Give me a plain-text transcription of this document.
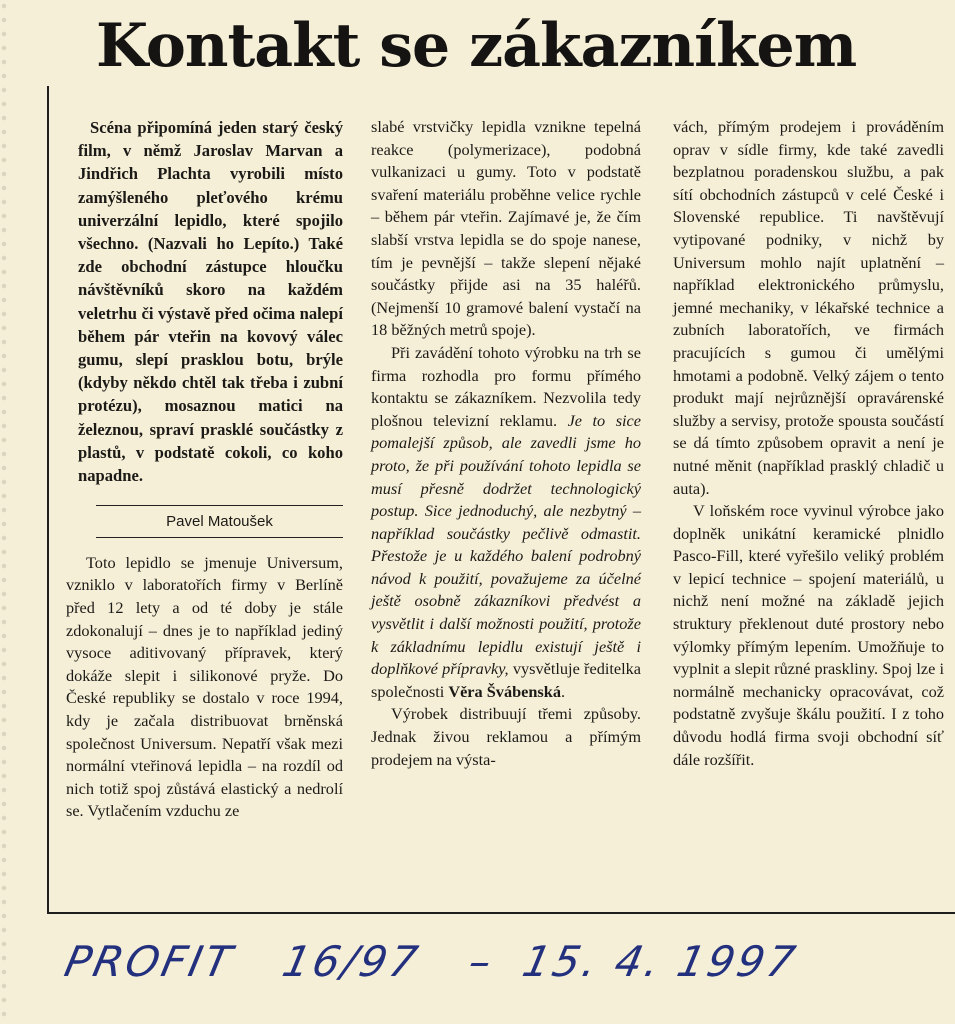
Kontakt se zákazníkem

Scéna připomíná jeden starý český film, v němž Jaroslav Marvan a Jindřich Plachta vyrobili místo zamýšleného pleťového krému univerzální lepidlo, které spojilo všechno. (Nazvali ho Lepíto.) Také zde obchodní zástupce hloučku návštěvníků skoro na každém veletrhu či výstavě před očima nalepí během pár vteřin na kovový válec gumu, slepí prasklou botu, brýle (kdyby někdo chtěl tak třeba i zubní protézu), mosaznou matici na železnou, spraví prasklé součástky z plastů, v podstatě cokoli, co koho napadne.

Pavel Matoušek

Toto lepidlo se jmenuje Universum, vzniklo v laboratořích firmy v Berlíně před 12 lety a od té doby je stále zdokonalují – dnes je to například jediný vysoce aditivovaný přípravek, který dokáže slepit i silikonové pryže. Do České republiky se dostalo v roce 1994, kdy je začala distribuovat brněnská společnost Universum. Nepatří však mezi normální vteřinová lepidla – na rozdíl od nich totiž spoj zůstává elastický a nedrolí se. Vytlačením vzduchu ze

slabé vrstvičky lepidla vznikne tepelná reakce (polymerizace), podobná vulkanizaci u gumy. Toto v podstatě svaření materiálu proběhne velice rychle – během pár vteřin. Zajímavé je, že čím slabší vrstva lepidla se do spoje nanese, tím je pevnější – takže slepení nějaké součástky přijde asi na 35 haléřů. (Nejmenší 10 gramové balení vystačí na 18 běžných metrů spoje).

Při zavádění tohoto výrobku na trh se firma rozhodla pro formu přímého kontaktu se zákazníkem. Nezvolila tedy plošnou televizní reklamu. Je to sice pomalejší způsob, ale zavedli jsme ho proto, že při používání tohoto lepidla se musí přesně dodržet technologický postup. Sice jednoduchý, ale nezbytný – například součástky pečlivě odmastit. Přestože je u každého balení podrobný návod k použití, považujeme za účelné ještě osobně zákazníkovi předvést a vysvětlit i další možnosti použití, protože k základnímu lepidlu existují ještě i doplňkové přípravky, vysvětluje ředitelka společnosti Věra Švábenská.

Výrobek distribuují třemi způsoby. Jednak živou reklamou a přímým prodejem na výsta-

vách, přímým prodejem i prováděním oprav v sídle firmy, kde také zavedli bezplatnou poradenskou službu, a pak sítí obchodních zástupců v celé České i Slovenské republice. Ti navštěvují vytipované podniky, v nichž by Universum mohlo najít uplatnění – například elektronického průmyslu, jemné mechaniky, v lékařské technice a zubních laboratořích, ve firmách pracujících s gumou či umělými hmotami a podobně. Velký zájem o tento produkt mají nejrůznější opravárenské služby a servisy, protože spousta součástí se dá tímto způsobem opravit a není je nutné měnit (například prasklý chladič u auta).

V loňském roce vyvinul výrobce jako doplněk unikátní keramické plnidlo Pasco-Fill, které vyřešilo veliký problém v lepicí technice – spojení materiálů, u nichž není možné na základě jejich struktury překlenout duté prostory nebo výlomky přímým lepením. Umožňuje to vyplnit a slepit různé praskliny. Spoj lze i normálně mechanicky opracovávat, což podstatně zvyšuje škálu použití. I z toho důvodu hodlá firma svoji obchodní síť dále rozšířit.

PROFIT 16/97 – 15. 4. 1997
